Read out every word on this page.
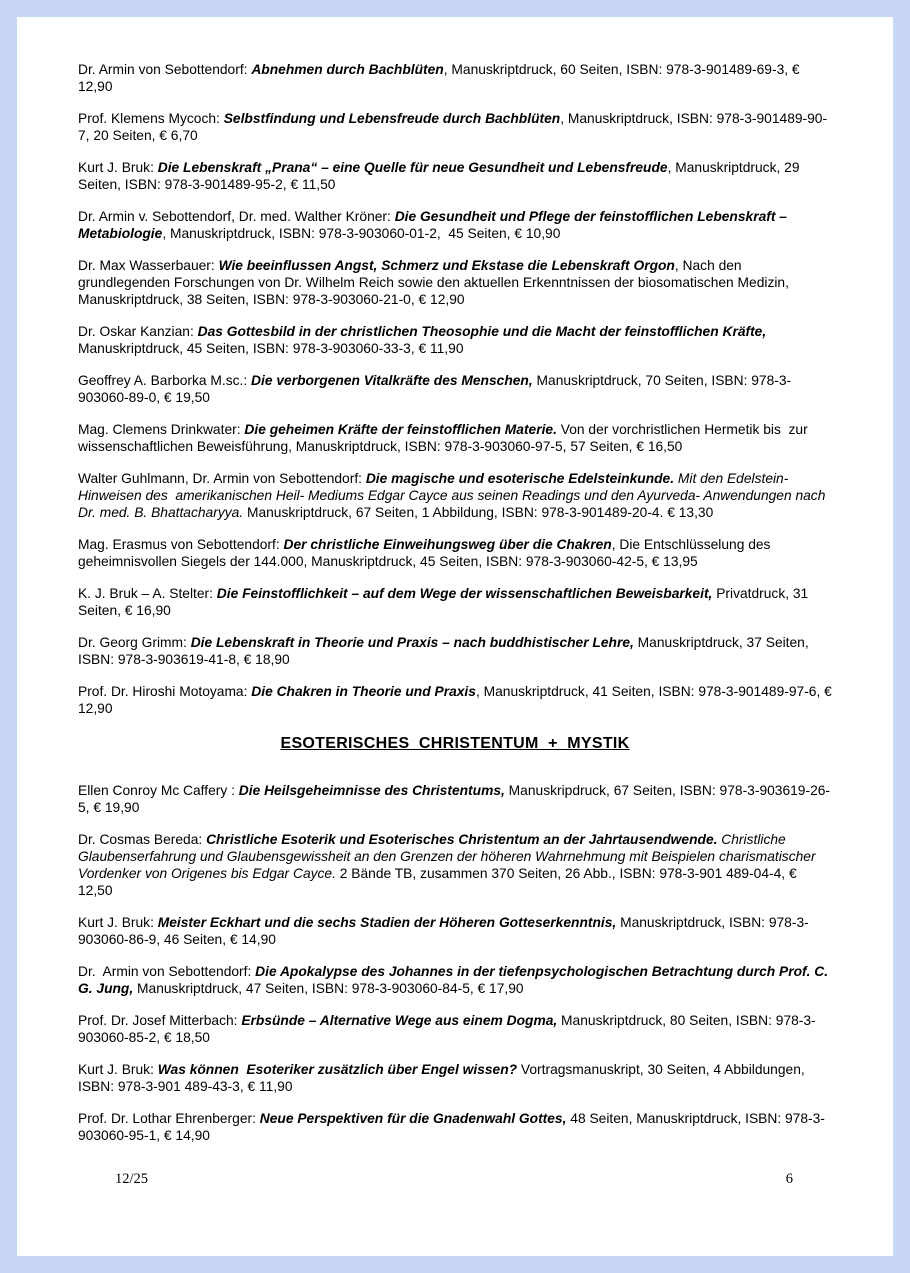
Dr. Armin von Sebottendorf: Abnehmen durch Bachblüten, Manuskriptdruck, 60 Seiten, ISBN: 978-3-901489-69-3, € 12,90

Prof. Klemens Mycoch: Selbstfindung und Lebensfreude durch Bachblüten, Manuskriptdruck, ISBN: 978-3-901489-90-7, 20 Seiten, € 6,70

Kurt J. Bruk: Die Lebenskraft „Prana“ – eine Quelle für neue Gesundheit und Lebensfreude, Manuskriptdruck, 29 Seiten, ISBN: 978-3-901489-95-2, € 11,50

Dr. Armin v. Sebottendorf, Dr. med. Walther Kröner: Die Gesundheit und Pflege der feinstofflichen Lebenskraft – Metabiologie, Manuskriptdruck, ISBN: 978-3-903060-01-2,  45 Seiten, € 10,90

Dr. Max Wasserbauer: Wie beeinflussen Angst, Schmerz und Ekstase die Lebenskraft Orgon, Nach den grundlegenden Forschungen von Dr. Wilhelm Reich sowie den aktuellen Erkenntnissen der biosomatischen Medizin, Manuskriptdruck, 38 Seiten, ISBN: 978-3-903060-21-0, € 12,90

Dr. Oskar Kanzian: Das Gottesbild in der christlichen Theosophie und die Macht der feinstofflichen Kräfte, Manuskriptdruck, 45 Seiten, ISBN: 978-3-903060-33-3, € 11,90

Geoffrey A. Barborka M.sc.: Die verborgenen Vitalkräfte des Menschen, Manuskriptdruck, 70 Seiten, ISBN: 978-3-903060-89-0, € 19,50

Mag. Clemens Drinkwater: Die geheimen Kräfte der feinstofflichen Materie. Von der vorchristlichen Hermetik bis  zur wissenschaftlichen Beweisführung, Manuskriptdruck, ISBN: 978-3-903060-97-5, 57 Seiten, € 16,50

Walter Guhlmann, Dr. Armin von Sebottendorf: Die magische und esoterische Edelsteinkunde. Mit den Edelstein-Hinweisen des  amerikanischen Heil- Mediums Edgar Cayce aus seinen Readings und den Ayurveda- Anwendungen nach Dr. med. B. Bhattacharyya. Manuskriptdruck, 67 Seiten, 1 Abbildung, ISBN: 978-3-901489-20-4. € 13,30

Mag. Erasmus von Sebottendorf: Der christliche Einweihungsweg über die Chakren, Die Entschlüsselung des geheimnisvollen Siegels der 144.000, Manuskriptdruck, 45 Seiten, ISBN: 978-3-903060-42-5, € 13,95

K. J. Bruk – A. Stelter: Die Feinstofflichkeit – auf dem Wege der wissenschaftlichen Beweisbarkeit, Privatdruck, 31 Seiten, € 16,90

Dr. Georg Grimm: Die Lebenskraft in Theorie und Praxis – nach buddhistischer Lehre, Manuskriptdruck, 37 Seiten, ISBN: 978-3-903619-41-8, € 18,90

Prof. Dr. Hiroshi Motoyama: Die Chakren in Theorie und Praxis, Manuskriptdruck, 41 Seiten, ISBN: 978-3-901489-97-6, € 12,90

ESOTERISCHES  CHRISTENTUM  +  MYSTIK

Ellen Conroy Mc Caffery : Die Heilsgeheimnisse des Christentums, Manuskripdruck, 67 Seiten, ISBN: 978-3-903619-26-5, € 19,90

Dr. Cosmas Bereda: Christliche Esoterik und Esoterisches Christentum an der Jahrtausendwende. Christliche Glaubenserfahrung und Glaubensgewissheit an den Grenzen der höheren Wahrnehmung mit Beispielen charismatischer Vordenker von Origenes bis Edgar Cayce. 2 Bände TB, zusammen 370 Seiten, 26 Abb., ISBN: 978-3-901 489-04-4, € 12,50

Kurt J. Bruk: Meister Eckhart und die sechs Stadien der Höheren Gotteserkenntnis, Manuskriptdruck, ISBN: 978-3-903060-86-9, 46 Seiten, € 14,90

Dr.  Armin von Sebottendorf: Die Apokalypse des Johannes in der tiefenpsychologischen Betrachtung durch Prof. C. G. Jung, Manuskriptdruck, 47 Seiten, ISBN: 978-3-903060-84-5, € 17,90

Prof. Dr. Josef Mitterbach: Erbsünde – Alternative Wege aus einem Dogma, Manuskriptdruck, 80 Seiten, ISBN: 978-3-903060-85-2, € 18,50

Kurt J. Bruk: Was können  Esoteriker zusätzlich über Engel wissen? Vortragsmanuskript, 30 Seiten, 4 Abbildungen, ISBN: 978-3-901 489-43-3, € 11,90

Prof. Dr. Lothar Ehrenberger: Neue Perspektiven für die Gnadenwahl Gottes, 48 Seiten, Manuskriptdruck, ISBN: 978-3-903060-95-1, € 14,90

12/25	6
